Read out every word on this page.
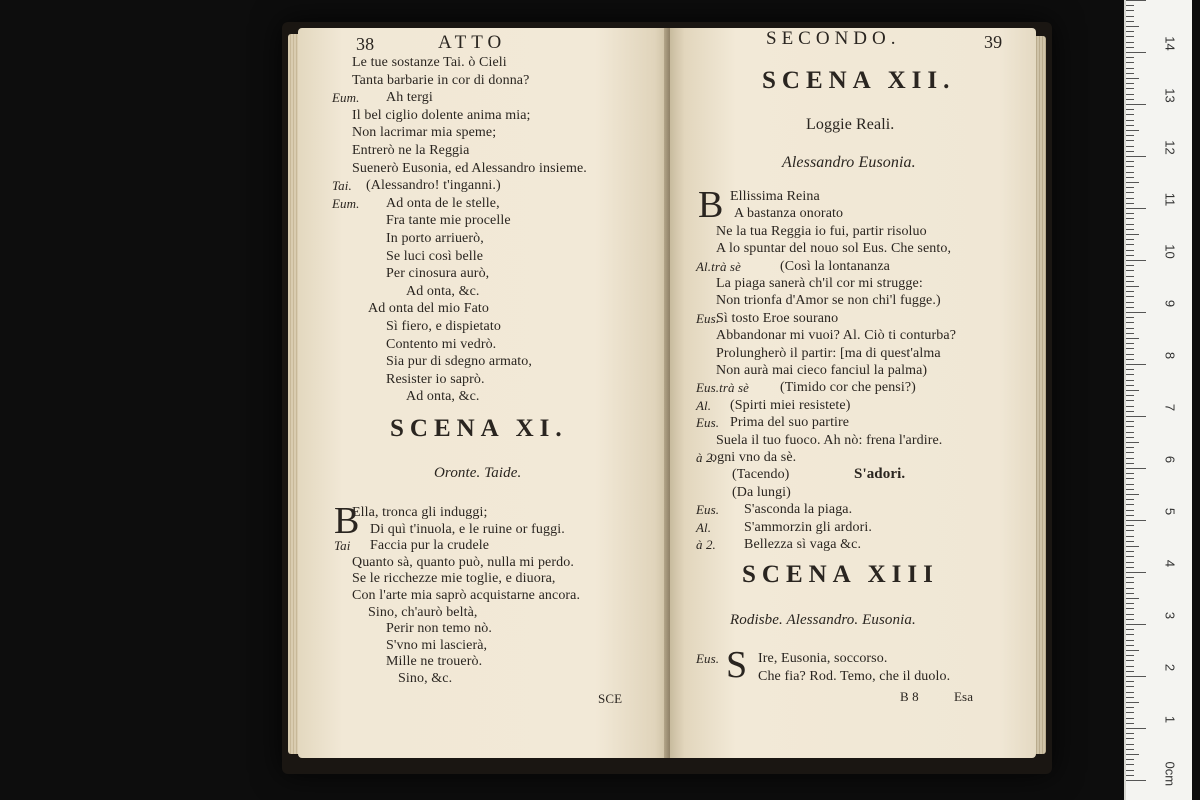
38	ATTO
Le tue sostanze Tai. ò Cieli
Tanta barbarie in cor di donna?
Eum. Ah tergi
Il bel ciglio dolente anima mia;
Non lacrimar mia speme;
Entrerò ne la Reggia
Suenerò Eusonia, ed Alessandro insieme.
Tai. (Alessandro! t'inganni.)
Eum. Ad onta de le stelle,
Fra tante mie procelle
In porto arriuerò,
Se luci così belle
Per cinosura aurò,
Ad onta, &c.
Ad onta del mio Fato
Sì fiero, e dispietato
Contento mi vedrò.
Sia pur di sdegno armato,
Resister io saprò.
Ad onta, &c.
SCENA XI.
Oronte. Taide.
B
Ella, tronca gli induggi;
Di quì t'inuola, e le ruine or fuggi.
Tai Faccia pur la crudele
Quanto sà, quanto può, nulla mi perdo.
Se le ricchezze mie toglie, e diuora,
Con l'arte mia saprò acquistarne ancora.
Sino, ch'aurò beltà,
Perir non temo nò.
S'vno mi lascierà,
Mille ne trouerò.
Sino, &c.
SCE
SECONDO.	39
SCENA XII.
Loggie Reali.
Alessandro Eusonia.
B Ellissima Reina
A bastanza onorato
Ne la tua Reggia io fui, partir risoluo
A lo spuntar del nouo sol Eus. Che sento,
Al.trà sè	(Così la lontananza
La piaga sanerà ch'il cor mi strugge:
Non trionfa d'Amor se non chi'l fugge.)
Eus.
Sì tosto Eroe sourano
Abbandonar mi vuoi? Al. Ciò ti conturba?
Prolungherò il partir: [ma di quest'alma
Non aurà mai cieco fanciul la palma)
Eus.trà sè (Timido cor che pensi?)
Al. (Spirti miei resistete)
Eus. Prima del suo partire
Suela il tuo fuoco. Ah nò: frena l'ardire.
à 2.
ogni vno da sè.
(Tacendo)
(Da lungi)
Eus. S'ascondа la piaga.
Al. S'ammorzin gli ardori.
à 2. Bellezza sì vaga &c.
S'adori.
SCENA XIII
Rodisbe. Alessandro. Eusonia.
S
Eus.	Ire, Eusonia, soccorso.
Che fia? Rod. Temo, che il duolo.
B 8	Esa
0cm
1
2
3
4
5
6
7
8
9
10
11
12
13
14
